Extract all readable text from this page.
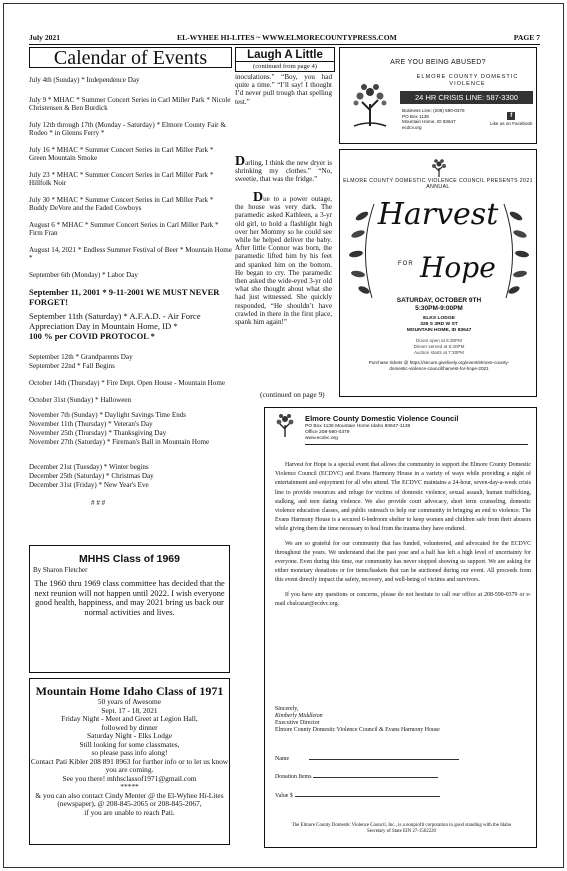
July 2021	EL-WYHEE HI-LITES ~ WWW.ELMORECOUNTYPRESS.COM	PAGE 7
Calendar of Events
July 4th (Sunday) * Independence Day
July 9 * MHAC * Summer Concert Series in Carl Miller Park * Nicole Christensen & Ben Burdick
July 12th through 17th (Monday - Saturday) * Elmore County Fair & Rodeo * in Glenns Ferry *
July 16 * MHAC * Summer Concert Series in Carl Miller Park * Green Mountain Smoke
July 23 * MHAC * Summer Concert Series in Carl Miller Park * Hillfolk Noir
July 30 * MHAC * Summer Concert Series in Carl Miller Park * Buddy DeVore and the Faded Cowboys
August 6 * MHAC * Summer Concert Series in Carl Miller Park * Firm Fran
August 14, 2021 * Endless Summer Festival of Beer * Mountain Home *
September 6th (Monday) * Labor Day
September 11, 2001 * 9-11-2001 WE MUST NEVER FORGET!
September 11th (Saturday) * A.F.A.D. - Air Force Appreciation Day in Mountain Home, ID *
100 % per COVID PROTOCOL *
September 12th * Grandparents Day
September 22nd * Fall Begins
October 14th (Thursday) * Fire Dept. Open House - Mountain Home
October 31st (Sunday) * Halloween
November 7th (Sunday) * Daylight Savings Time Ends
November 11th (Thursday) * Veteran's Day
November 25th (Thursday) * Thanksgiving Day
November 27th (Saturday) * Fireman's Ball in Mountain Home
December 21st (Tuesday) * Winter begins
December 25th (Saturday) * Christmas Day
December 31st (Friday) * New Year's Eve
# # #
MHHS Class of 1969
By Sharon Fletcher
The 1960 thru 1969 class committee has decided that the next reunion will not happen until 2022. I wish everyone good health, happiness, and may 2021 bring us back our normal activities and lives.
Mountain Home Idaho Class of 1971
50 years of Awesome
Sept. 17 - 18, 2021
Friday Night - Meet and Greet at Legion Hall,
followed by dinner
Saturday Night - Elks Lodge
Still looking for some classmates,
so please pass info along!
Contact Pati Kibler 208 891 8963 for further info or to let us know you are coming.
See you there! mhhsclassof1971@gmail.com
*****
& you can also contact Cindy Menter @ the El-Wyhee Hi-Lites (newspaper), @ 208-845-2065 or 208-845-2067,
if you are unable to reach Pati.
Laugh A Little
(continued from page 4)
inoculations." “Boy, you had quite a time.” “I’ll say! I thought I’d never pull trough that spelling test.”
Darling, I think the new dryer is shrinking my clothes.” “No, sweetie, that was the fridge.”
Due to a power outage, the house was very dark. The paramedic asked Kathleen, a 3-yr old girl, to hold a flashlight high over her Mommy so he could see while he helped deliver the baby. After little Connor was born, the paramedic lifted him by his feet and spanked him on the bottom. He began to cry. The paramedic then asked the wide-eyed 3-yr old what she thought about what she had just witnessed. She quickly responded, “He shouldn’t have crawled in there in the first place, spank him again!”
(continued on page 9)
ARE YOU BEING ABUSED?
ELMORE COUNTY DOMESTIC VIOLENCE
24 HR CRISIS LINE: 587-3300
Business Line: (208) 590-0379
PO Box 1136
Mountain Home, ID 83647
ecdcv.org
f
Like us on Facebook
ELMORE COUNTY DOMESTIC VIOLENCE COUNCIL PRESENTS 2021 ANNUAL
Harvest
FOR Hope
SATURDAY, OCTOBER 9TH
5:30PM-9:00PM
ELKS LODGE
325 S 3RD W ST
MOUNTAIN HOME, ID 83647
Doors open at 5:30PM
Dinner served at 6:30PM
Auction starts at 7:30PM
Purchase tickets @ https://secure.givelively.org/event/elmore-county-domestic-violence-council/harvest-for-hope-2021
Elmore County Domestic Violence Council
PO Box 1136 Mountain Home Idaho 83647-1136
Office 208-590-0379
www.ecdvc.org

Harvest for Hope is a special event that allows the community to support the Elmore County Domestic Violence Council (ECDVC) and Evans Harmony House in a variety of ways while providing a night of entertainment and enjoyment for all who attend. The ECDVC maintains a 24-hour, seven-day-a-week crisis line to provide resources and refuge for victims of domestic violence, sexual assault, human trafficking, stalking, and teen dating violence. We also provide court advocacy, short term counseling, domestic violence education classes, and public outreach to help our community in bringing an end to violence. The Evans Harmony House is a secured 6-bedroom shelter to keep women and children safe from their abusers while giving them the time necessary to heal from the trauma they have endured.

We are so grateful for our community that has funded, volunteered, and advocated for the ECDVC throughout the years. We understand that the past year and a half has left a high level of uncertainty for everyone. Even during this time, our community has never stopped showing us support. We are asking for either monetary donations or for items/baskets that can be auctioned during our event. All proceeds from this event directly impact the safety, recovery, and well-being of victims and survivors.

If you have any questions or concerns, please do not hesitate to call our office at 208-590-0379 or e-mail cbalcazar@ecdvc.org.

Sincerely,
Kimberly Middleton
Executive Director
Elmore County Domestic Violence Council & Evans Harmony House
Name
Donation Items
Value $
The Elmore County Domestic Violence Council, Inc., is a nonprofit corporation in good standing with the Idaho Secretary of State EIN 27-1562220
